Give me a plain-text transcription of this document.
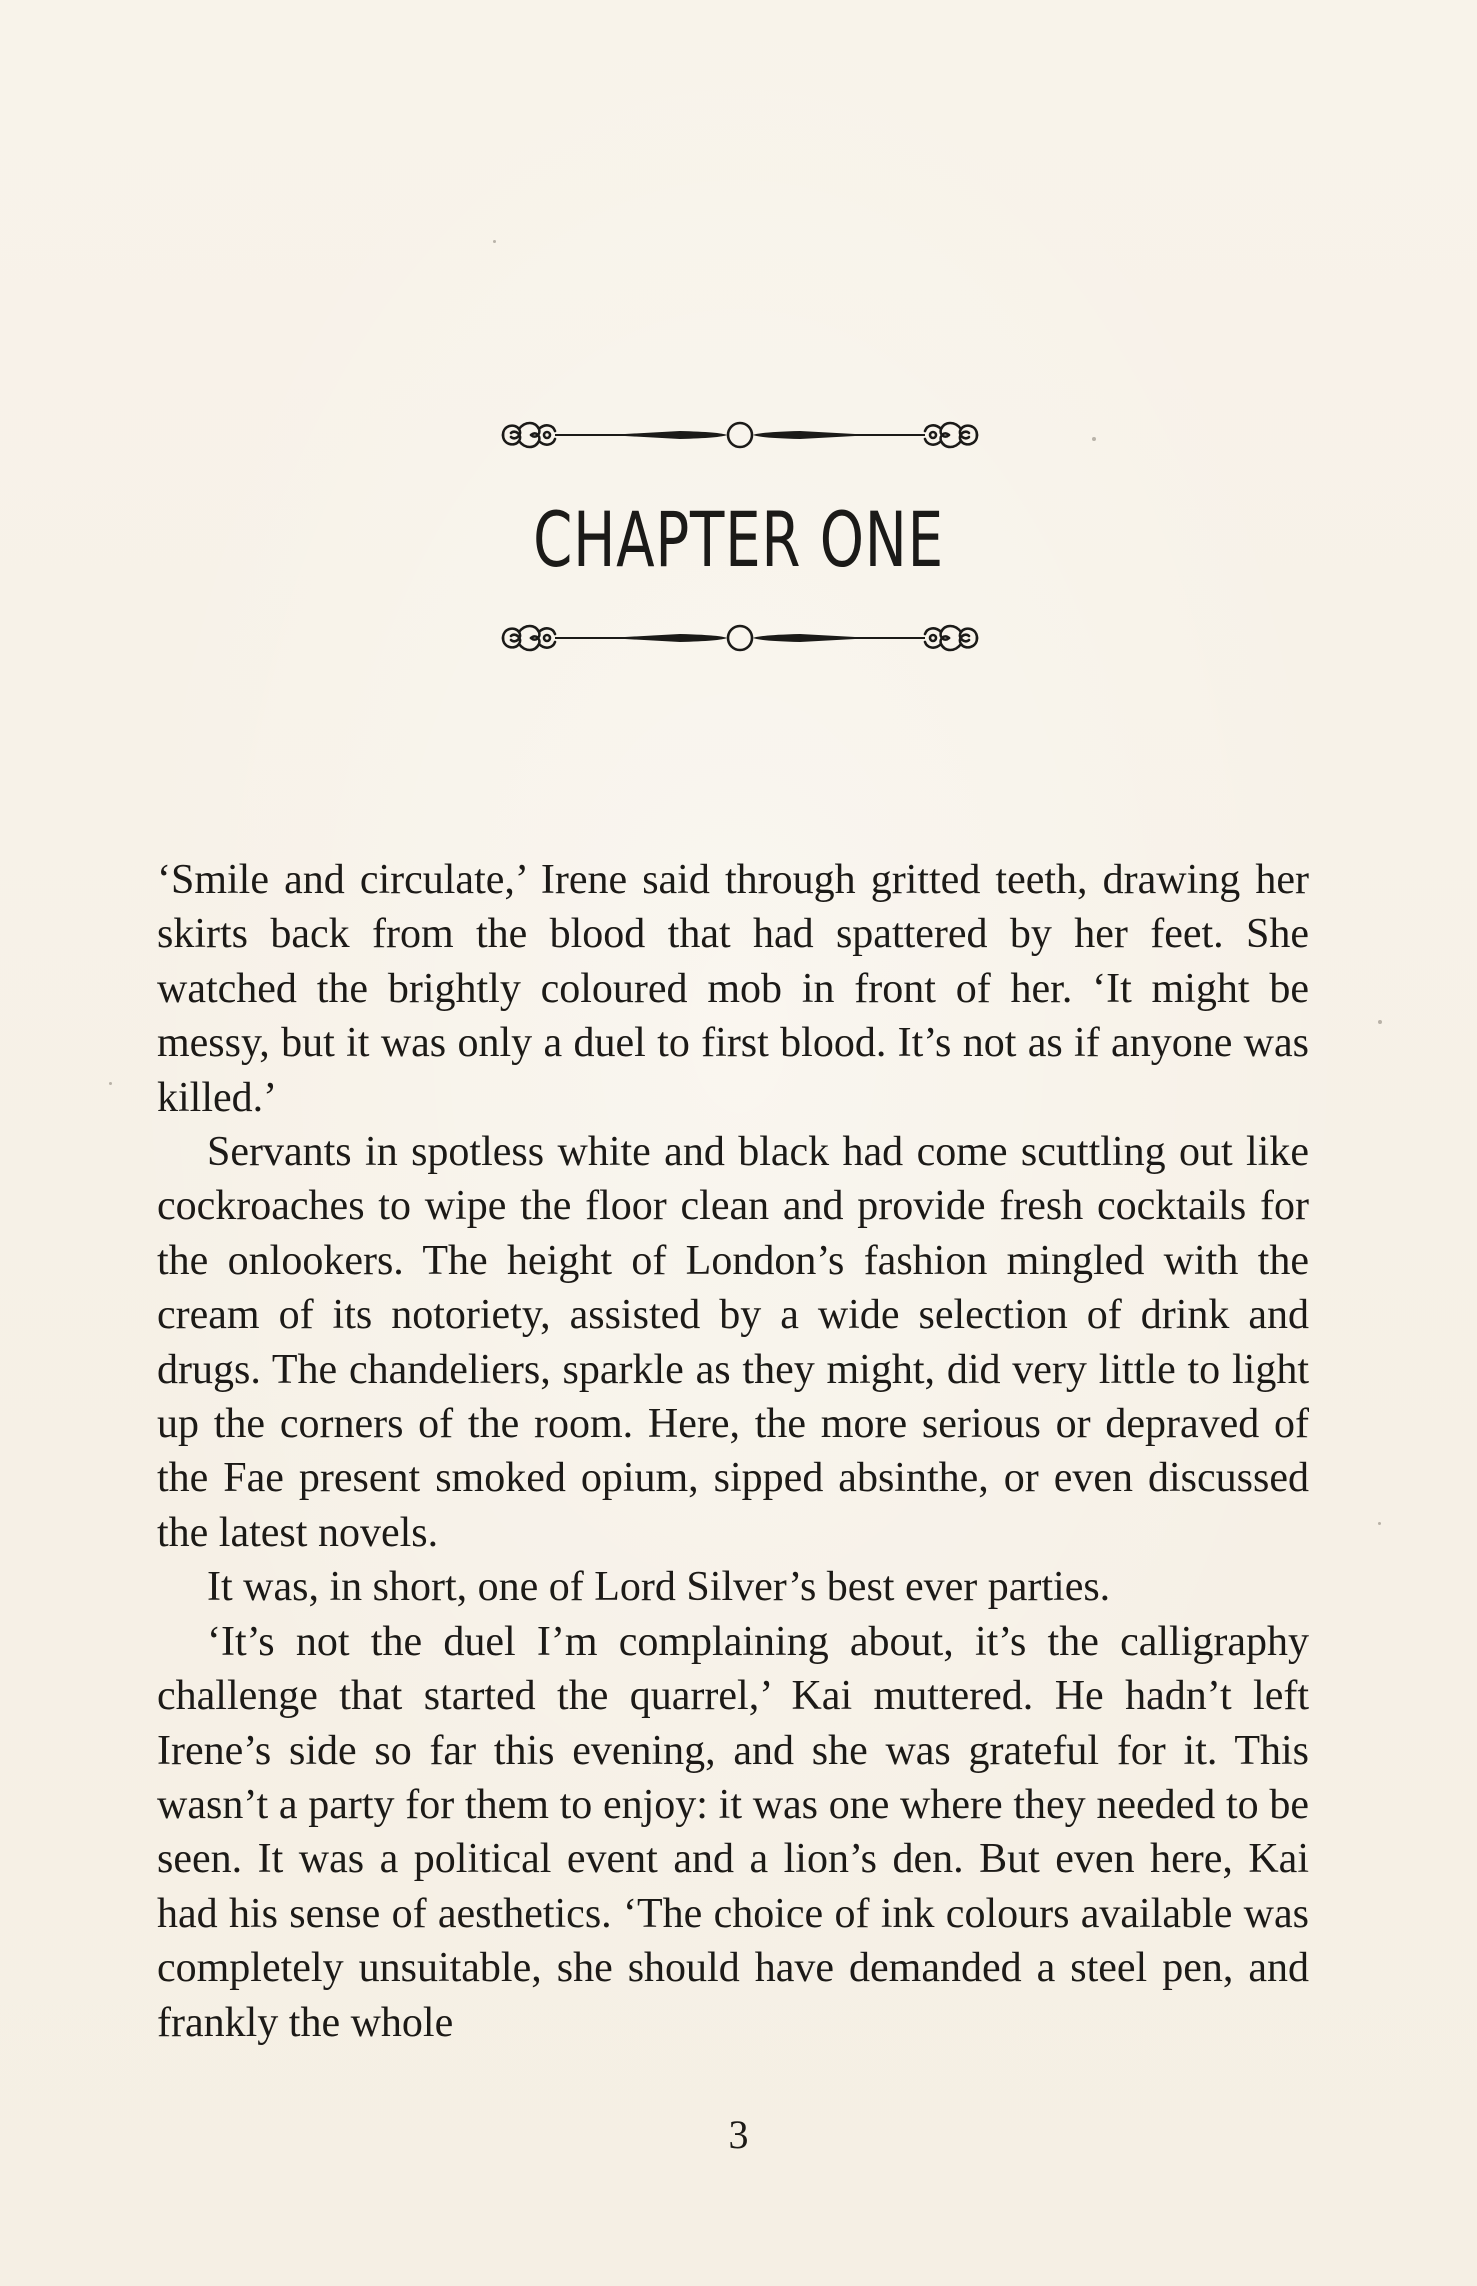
CHAPTER ONE

‘Smile and circulate,’ Irene said through gritted teeth, drawing her skirts back from the blood that had spattered by her feet. She watched the brightly coloured mob in front of her. ‘It might be messy, but it was only a duel to first blood. It’s not as if anyone was killed.’

Servants in spotless white and black had come scuttling out like cockroaches to wipe the floor clean and provide fresh cocktails for the onlookers. The height of London’s fashion mingled with the cream of its notoriety, assisted by a wide selection of drink and drugs. The chandeliers, sparkle as they might, did very little to light up the corners of the room. Here, the more serious or depraved of the Fae present smoked opium, sipped absinthe, or even discussed the latest novels.

It was, in short, one of Lord Silver’s best ever parties.

‘It’s not the duel I’m complaining about, it’s the calligraphy challenge that started the quarrel,’ Kai muttered. He hadn’t left Irene’s side so far this evening, and she was grateful for it. This wasn’t a party for them to enjoy: it was one where they needed to be seen. It was a political event and a lion’s den. But even here, Kai had his sense of aesthetics. ‘The choice of ink colours available was completely unsuitable, she should have demanded a steel pen, and frankly the whole

3
